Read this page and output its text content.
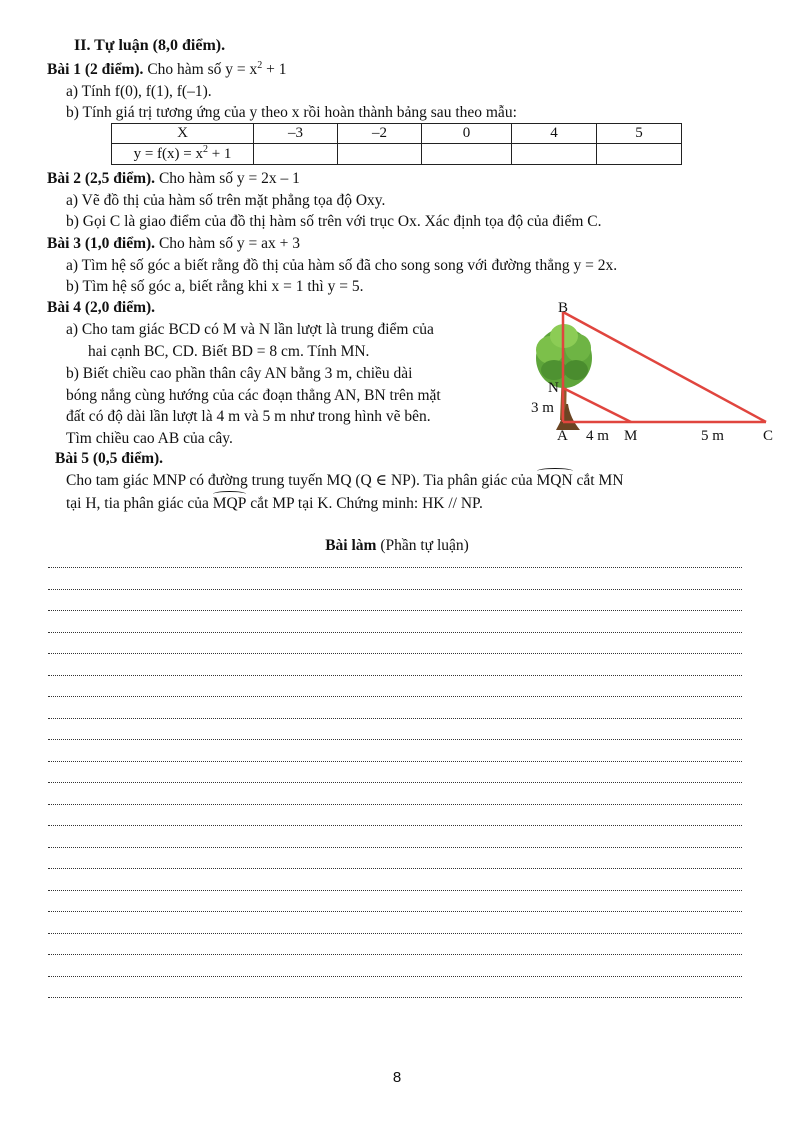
II. Tự luận (8,0 điểm).
Bài 1 (2 điểm). Cho hàm số $y = x^2 + 1$
a) Tính f(0), f(1), f(–1).
b) Tính giá trị tương ứng của y theo x rồi hoàn thành bảng sau theo mẫu:
X	–3	–2	0	4	5
$y = f(x) = x^2 + 1$					
Bài 2 (2,5 điểm). Cho hàm số y = 2x – 1
a) Vẽ đồ thị của hàm số trên mặt phẳng tọa độ Oxy.
b) Gọi C là giao điểm của đồ thị hàm số trên với trục Ox. Xác định tọa độ của điểm C.
Bài 3 (1,0 điểm). Cho hàm số y = ax + 3
a) Tìm hệ số góc a biết rằng đồ thị của hàm số đã cho song song với đường thẳng y = 2x.
b) Tìm hệ số góc a, biết rằng khi x = 1 thì y = 5.
Bài 4 (2,0 điểm).
a) Cho tam giác BCD có M và N lần lượt là trung điểm của
hai cạnh BC, CD. Biết BD = 8 cm. Tính MN.
b) Biết chiều cao phần thân cây AN bằng 3 m, chiều dài
bóng nắng cùng hướng của các đoạn thẳng AN, BN trên mặt
đất có độ dài lần lượt là 4 m và 5 m như trong hình vẽ bên.
Tìm chiều cao AB của cây.
B
N
3 m
A 4 m M	5 m	C
Bài 5 (0,5 điểm).
Cho tam giác MNP có đường trung tuyến MQ (Q ∈ NP). Tia phân giác của MQN cắt MN
tại H, tia phân giác của MQP cắt MP tại K. Chứng minh: HK // NP.
Bài làm (Phần tự luận)
8
